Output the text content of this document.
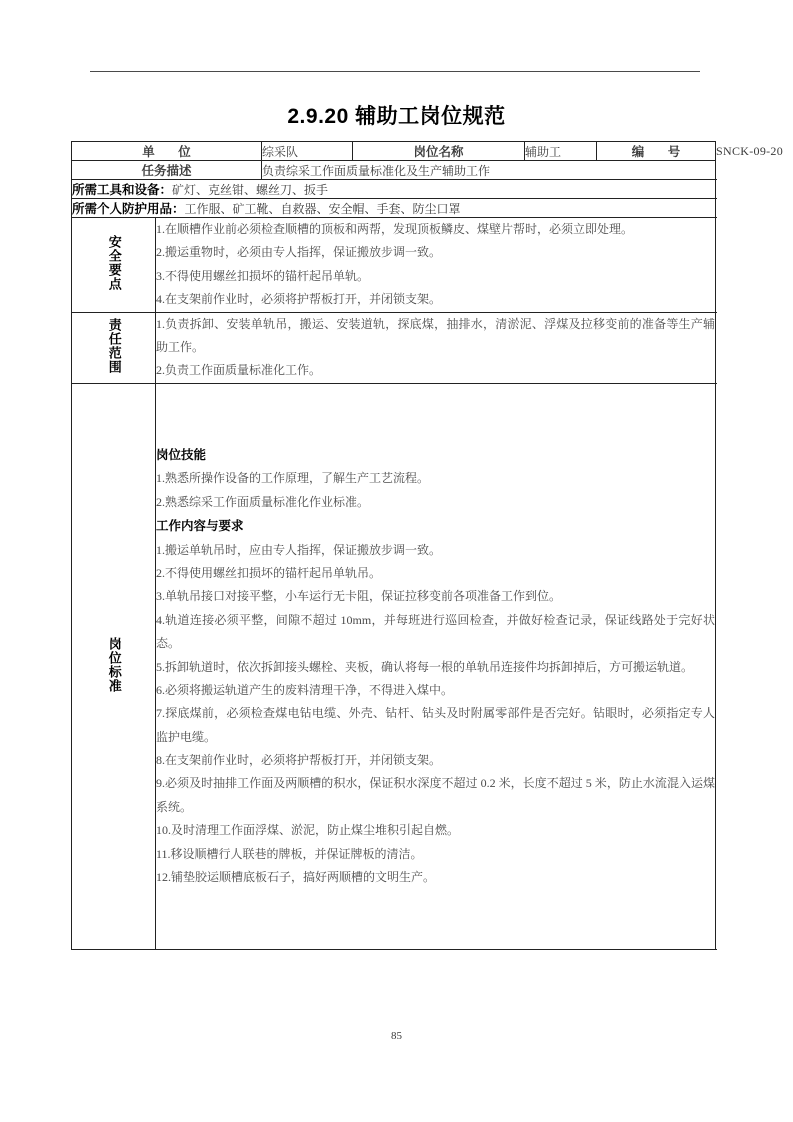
2.9.20 辅助工岗位规范
单 位		综采队	岗位名称	辅助工	编 号	SNCK-09-20
任务描述		负责综采工作面质量标准化及生产辅助工作				
所需工具和设备：矿灯、克丝钳、螺丝刀、扳手						
所需个人防护用品：工作服、矿工靴、自救器、安全帽、手套、防尘口罩						
安全要点	1.在顺槽作业前必须检查顺槽的顶板和两帮，发现顶板鳞皮、煤壁片帮时，必须立即处理。

2.搬运重物时，必须由专人指挥，保证搬放步调一致。

3.不得使用螺丝扣损坏的锚杆起吊单轨。

4.在支架前作业时，必须将护帮板打开，并闭锁支架。					

责任范围	1.负责拆卸、安装单轨吊，搬运、安装道轨，探底煤，抽排水，清淤泥、浮煤及拉移变前的准备等生产辅助工作。

2.负责工作面质量标准化工作。					

岗位标准	

岗位技能

1.熟悉所操作设备的工作原理，了解生产工艺流程。

2.熟悉综采工作面质量标准化作业标准。

工作内容与要求

1.搬运单轨吊时，应由专人指挥，保证搬放步调一致。

2.不得使用螺丝扣损坏的锚杆起吊单轨吊。

3.单轨吊接口对接平整，小车运行无卡阻，保证拉移变前各项准备工作到位。

4.轨道连接必须平整，间隙不超过 10mm，并每班进行巡回检查，并做好检查记录，保证线路处于完好状态。

5.拆卸轨道时，依次拆卸接头螺栓、夹板，确认将每一根的单轨吊连接件均拆卸掉后，方可搬运轨道。

6.必须将搬运轨道产生的废料清理干净，不得进入煤中。

7.探底煤前，必须检查煤电钻电缆、外壳、钻杆、钻头及时附属零部件是否完好。钻眼时，必须指定专人监护电缆。

8.在支架前作业时，必须将护帮板打开，并闭锁支架。

9.必须及时抽排工作面及两顺槽的积水，保证积水深度不超过 0.2 米，长度不超过 5 米，防止水流混入运煤系统。

10.及时清理工作面浮煤、淤泥，防止煤尘堆积引起自燃。

11.移设顺槽行人联巷的牌板，并保证牌板的清洁。

12.铺垫胶运顺槽底板石子，搞好两顺槽的文明生产。

85
